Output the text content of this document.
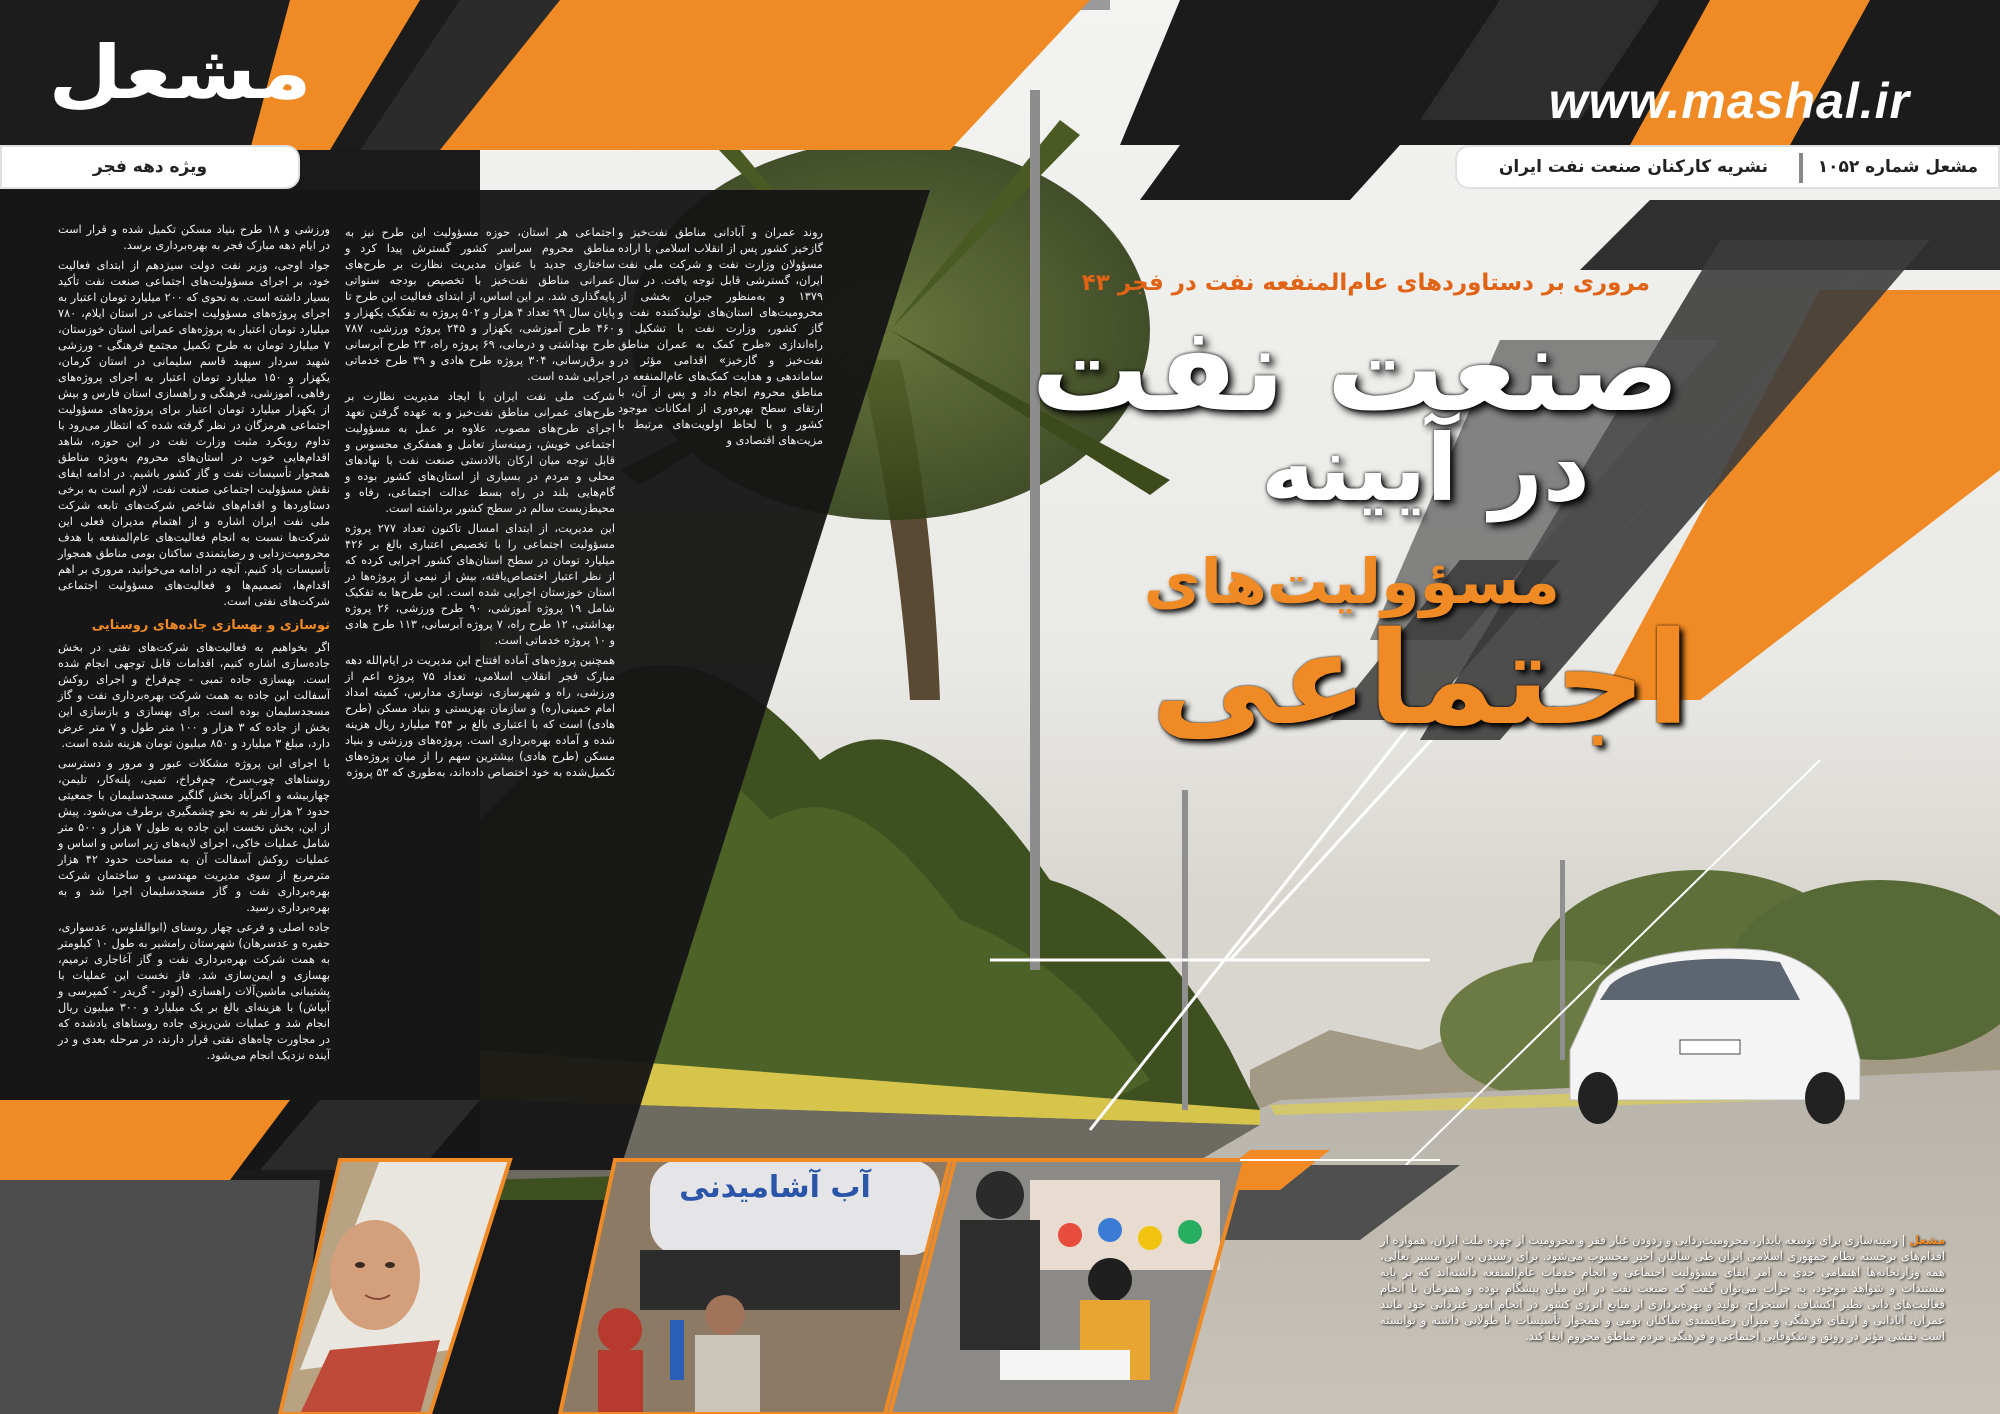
مشعل	www.mashal.ir
ویژه دهه فجر	مشعل شماره ۱۰۵۲
نشریه کارکنان صنعت نفت ایران

روند عمران و آبادانی مناطق نفت‌خیز و گازخیز کشور پس از انقلاب اسلامی با اراده مسؤولان وزارت نفت و شرکت ملی نفت ایران، گسترشی قابل توجه یافت. در سال ۱۳۷۹ و به‌منظور جبران بخشی از محرومیت‌های استان‌های تولیدکننده نفت و گاز کشور، وزارت نفت با تشکیل و راه‌اندازی «طرح کمک به عمران مناطق نفت‌خیز و گازخیز» اقدامی مؤثر در ساماندهی و هدایت کمک‌های عام‌المنفعه در مناطق محروم انجام داد و پس از آن، با ارتقای سطح بهره‌وری از امکانات موجود کشور و با لحاظ اولویت‌های مرتبط با مزیت‌های اقتصادی و

اجتماعی هر استان، حوزه مسؤولیت این طرح نیز به مناطق محروم سراسر کشور گسترش پیدا کرد و ساختاری جدید با عنوان مدیریت نظارت بر طرح‌های عمرانی مناطق نفت‌خیز با تخصیص بودجه سنواتی پایه‌گذاری شد. بر این اساس، از ابتدای فعالیت این طرح تا پایان سال ۹۹ تعداد ۴ هزار و ۵۰۲ پروژه به تفکیک یکهزار و ۴۶۰ طرح آموزشی، یکهزار و ۲۴۵ پروژه ورزشی، ۷۸۷ طرح بهداشتی و درمانی، ۶۹ پروژه راه، ۲۳ طرح آبرسانی و برق‌رسانی، ۳۰۴ پروژه طرح هادی و ۳۹ طرح خدماتی اجرایی شده است.

شرکت ملی نفت ایران با ایجاد مدیریت نظارت بر طرح‌های عمرانی مناطق نفت‌خیز و به عهده گرفتن تعهد اجرای طرح‌های مصوب، علاوه بر عمل به مسؤولیت اجتماعی خویش، زمینه‌ساز تعامل و همفکری محسوس و قابل توجه میان ارکان بالادستی صنعت نفت با نهادهای محلی و مردم در بسیاری از استان‌های کشور بوده و گام‌هایی بلند در راه بسط عدالت اجتماعی، رفاه و محیط‌زیست سالم در سطح کشور برداشته است.

این مدیریت، از ابتدای امسال تاکنون تعداد ۲۷۷ پروژه مسؤولیت اجتماعی را با تخصیص اعتباری بالغ بر ۴۲۶ میلیارد تومان در سطح استان‌های کشور اجرایی کرده که از نظر اعتبار اختصاص‌یافته، بیش از نیمی از پروژه‌ها در استان خوزستان اجرایی شده است. این طرح‌ها به تفکیک شامل ۱۹ پروژه آموزشی، ۹۰ طرح ورزشی، ۲۶ پروژه بهداشتی، ۱۲ طرح راه، ۷ پروژه آبرسانی، ۱۱۳ طرح هادی و ۱۰ پروژه خدماتی است.

همچنین پروژه‌های آماده افتتاح این مدیریت در ایام‌الله دهه مبارک فجر انقلاب اسلامی، تعداد ۷۵ پروژه اعم از ورزشی، راه و شهرسازی، نوسازی مدارس، کمیته امداد امام خمینی(ره) و سازمان بهزیستی و بنیاد مسکن (طرح هادی) است که با اعتباری بالغ بر ۴۵۴ میلیارد ریال هزینه شده و آماده بهره‌برداری است. پروژه‌های ورزشی و بنیاد مسکن (طرح هادی) بیشترین سهم را از میان پروژه‌های تکمیل‌شده به خود اختصاص داده‌اند، به‌طوری که ۵۳ پروژه

ورزشی و ۱۸ طرح بنیاد مسکن تکمیل شده و قرار است در ایام دهه مبارک فجر به بهره‌برداری برسد.

جواد اوجی، وزیر نفت دولت سیزدهم از ابتدای فعالیت خود، بر اجرای مسؤولیت‌های اجتماعی صنعت نفت تأکید بسیار داشته است. به نحوی که ۲۰۰ میلیارد تومان اعتبار به اجرای پروژه‌های مسؤولیت اجتماعی در استان ایلام، ۷۸۰ میلیارد تومان اعتبار به پروژه‌های عمرانی استان خوزستان، ۷ میلیارد تومان به طرح تکمیل مجتمع فرهنگی - ورزشی شهید سردار سپهبد قاسم سلیمانی در استان کرمان، یکهزار و ۱۵۰ میلیارد تومان اعتبار به اجرای پروژه‌های رفاهی، آموزشی، فرهنگی و راهسازی استان فارس و بیش از یکهزار میلیارد تومان اعتبار برای پروژه‌های مسؤولیت اجتماعی هرمزگان در نظر گرفته شده که انتظار می‌رود با تداوم رویکرد مثبت وزارت نفت در این حوزه، شاهد اقدام‌هایی خوب در استان‌های محروم به‌ویژه مناطق همجوار تأسیسات نفت و گاز کشور باشیم. در ادامه ایفای نقش مسؤولیت اجتماعی صنعت نفت، لازم است به برخی دستاوردها و اقدام‌های شاخص شرکت‌های تابعه شرکت ملی نفت ایران اشاره و از اهتمام مدیران فعلی این شرکت‌ها نسبت به انجام فعالیت‌های عام‌المنفعه با هدف محرومیت‌زدایی و رضایتمندی ساکنان بومی مناطق همجوار تأسیسات یاد کنیم. آنچه در ادامه می‌خوانید، مروری بر اهم اقدام‌ها، تصمیم‌ها و فعالیت‌های مسؤولیت اجتماعی شرکت‌های نفتی است.

نوسازی و بهسازی جاده‌های روستایی

اگر بخواهیم به فعالیت‌های شرکت‌های نفتی در بخش جاده‌سازی اشاره کنیم، اقدامات قابل توجهی انجام شده است. بهسازی جاده تمبی - چم‌فراخ و اجرای روکش آسفالت این جاده به همت شرکت بهره‌برداری نفت و گاز مسجدسلیمان بوده است. برای بهسازی و بازسازی این بخش از جاده که ۳ هزار و ۱۰۰ متر طول و ۷ متر عرض دارد، مبلغ ۳ میلیارد و ۸۵۰ میلیون تومان هزینه شده است.

با اجرای این پروژه مشکلات عبور و مرور و دسترسی روستاهای چوب‌سرخ، چم‌فراخ، تمبی، پلنه‌کار، تلیمن، چهاربیشه و اکبرآباد بخش گلگیر مسجدسلیمان با جمعیتی حدود ۲ هزار نفر به نحو چشمگیری برطرف می‌شود. پیش از این، بخش نخست این جاده به طول ۷ هزار و ۵۰۰ متر شامل عملیات خاکی، اجرای لایه‌های زیر اساس و اساس و عملیات روکش آسفالت آن به مساحت حدود ۴۲ هزار مترمربع از سوی مدیریت مهندسی و ساختمان شرکت بهره‌برداری نفت و گاز مسجدسلیمان اجرا شد و به بهره‌برداری رسید.

جاده اصلی و فرعی چهار روستای (ابوالفلوس، عدسواری، حفیره و عدسرهان) شهرستان رامشیر به طول ۱۰ کیلومتر به همت شرکت بهره‌برداری نفت و گاز آغاجاری ترمیم، بهسازی و ایمن‌سازی شد. فاز نخست این عملیات با پشتیبانی ماشین‌آلات راهسازی (لودر - گریدر - کمپرسی و آبپاش) با هزینه‌ای بالغ بر یک میلیارد و ۳۰۰ میلیون ریال انجام شد و عملیات شن‌ریزی جاده روستاهای یادشده که در مجاورت چاه‌های نفتی قرار دارند، در مرحله بعدی و در آینده نزدیک انجام می‌شود.

مروری بر دستاوردهای عام‌المنفعه نفت در فجر ۴۳
صنعت نفت
در آیینه
مسؤولیت‌های
اجتماعی
آب آشامیدنی
مشعل | زمینه‌سازی برای توسعه پایدار، محرومیت‌زدایی و زدودن غبار فقر و محرومیت از چهره ملت ایران، همواره از اقدام‌های برجسته نظام جمهوری اسلامی ایران طی سالیان اخیر محسوب می‌شود. برای رسیدن به این مسیر تعالی، همه وزارتخانه‌ها اهتمامی جدی به امر ایفای مسؤولیت اجتماعی و انجام خدمات عام‌المنفعه داشته‌اند که بر پایه مستندات و شواهد موجود، به جرأت می‌توان گفت که صنعت نفت در این میان پیشگام بوده و همزمان با انجام فعالیت‌های ذاتی نظیر اکتشاف، استخراج، تولید و بهره‌برداری از منابع انرژی کشور در انجام امور غیرذاتی خود مانند عمران، آبادانی و ارتقای فرهنگی و میزان رضایتمندی ساکنان بومی و همجوار تأسیسات با طولانی داشته و توانسته است نقشی مؤثر در رونق و شکوفایی اجتماعی و فرهنگی مردم مناطق محروم ایفا کند.
